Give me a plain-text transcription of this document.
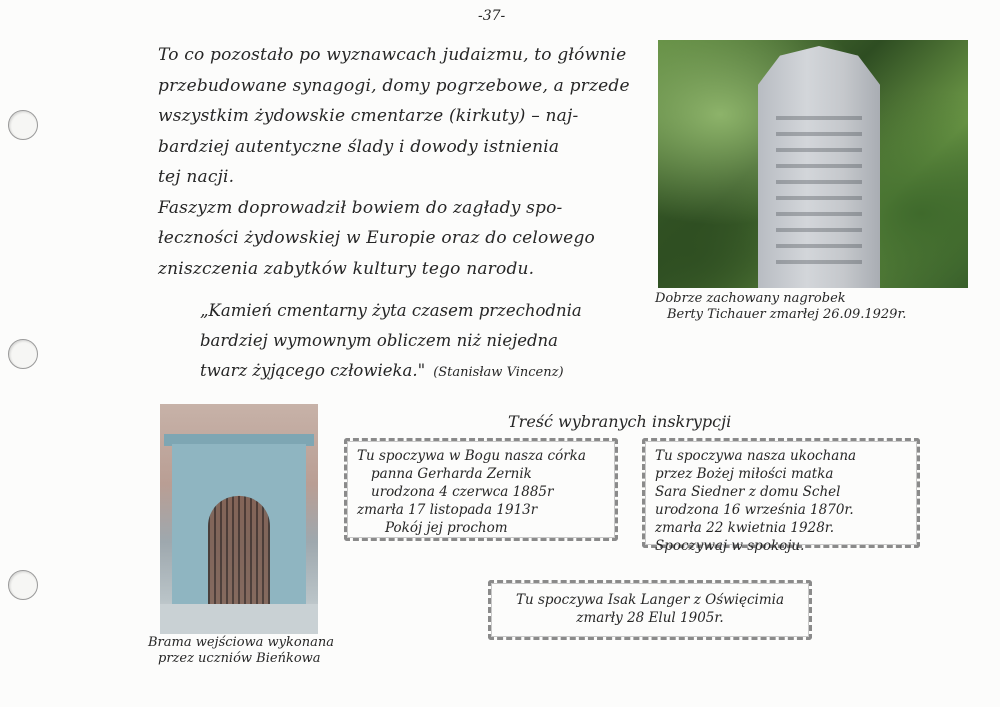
-37-

To co pozostało po wyznawcach judaizmu, to głównie

przebudowane synagogi, domy pogrzebowe, a przede

wszystkim żydowskie cmentarze (kirkuty) – naj-

bardziej autentyczne ślady i dowody istnienia

tej nacji.

Faszyzm doprowadził bowiem do zagłady spo-

łeczności żydowskiej w Europie oraz do celowego

zniszczenia zabytków kultury tego narodu.

„Kamień cmentarny żyta czasem przechodnia

bardziej wymownym obliczem niż niejedna

twarz żyjącego człowieka." (Stanisław Vincenz)

Dobrze zachowany nagrobek
Berty Tichauer zmarłej 26.09.1929r.
Brama wejściowa wykonana
przez uczniów Bieńkowa
Treść wybranych inskrypcji
Tu spoczywa w Bogu nasza córka
panna Gerharda Zernik
urodzona 4 czerwca 1885r
zmarła 17 listopada 1913r
Pokój jej prochom
Tu spoczywa nasza ukochana
przez Bożej miłości matka
Sara Siedner z domu Schel
urodzona 16 września 1870r.
zmarła 22 kwietnia 1928r.
Spoczywaj w spokoju.
Tu spoczywa Isak Langer z Oświęcimia
zmarły 28 Elul 1905r.
